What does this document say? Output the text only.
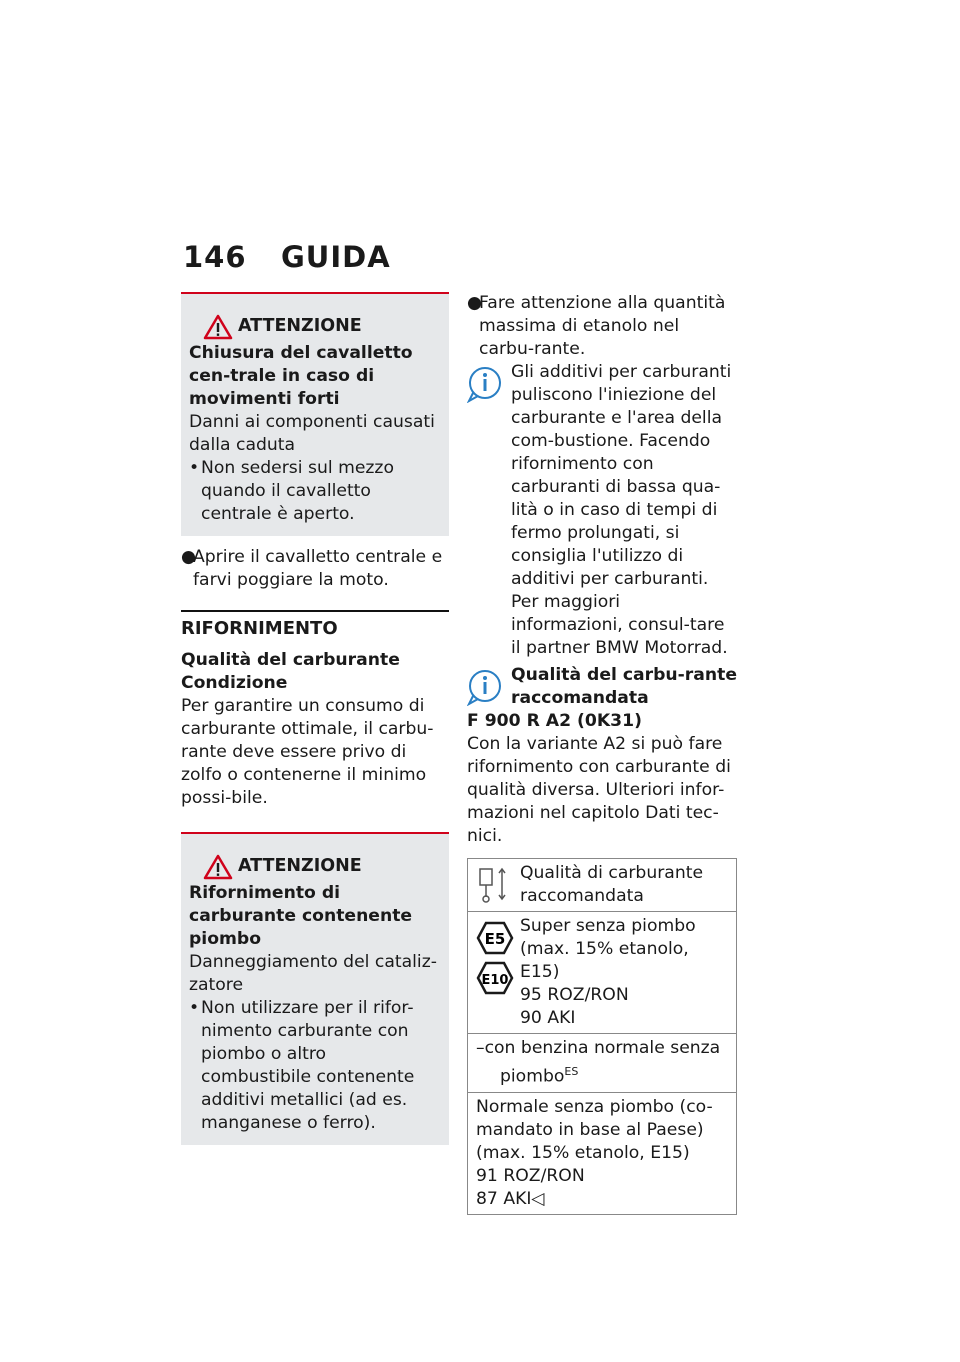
146 GUIDA
ATTENZIONE
Chiusura del cavalletto cen-trale in caso di movimenti forti
Danni ai componenti causati dalla caduta
• Non sedersi sul mezzo quando il cavalletto centrale è aperto.
●
Aprire il cavalletto centrale e farvi poggiare la moto.
RIFORNIMENTO
Qualità del carburante
Condizione
Per garantire un consumo di carburante ottimale, il carbu-rante deve essere privo di zolfo o contenerne il minimo possi-bile.
ATTENZIONE
Rifornimento di carburante contenente piombo
Danneggiamento del cataliz-zatore
• Non utilizzare per il rifor-nimento carburante con piombo o altro combustibile contenente additivi metallici (ad es. manganese o ferro).
●
Fare attenzione alla quantità massima di etanolo nel carbu-rante.
Gli additivi per carburanti puliscono l'iniezione del carburante e l'area della com-bustione. Facendo rifornimento con carburanti di bassa qua-lità o in caso di tempi di fermo prolungati, si consiglia l'utilizzo di additivi per carburanti. Per maggiori informazioni, consul-tare il partner BMW Motorrad.
Qualità del carbu-rante raccomandata
F 900 R A2 (0K31)
Con la variante A2 si può fare rifornimento con carburante di qualità diversa. Ulteriori infor-mazioni nel capitolo Dati tec-nici.
Qualità di carburante raccomandata
E5
E10
Super senza piombo
(max. 15% etanolo,
E15)
95 ROZ/RON
90 AKI
–con benzina normale senza piombo$^{ES}$
Normale senza piombo (co-mandato in base al Paese)
(max. 15% etanolo, E15)
91 ROZ/RON
87 AKI◁
